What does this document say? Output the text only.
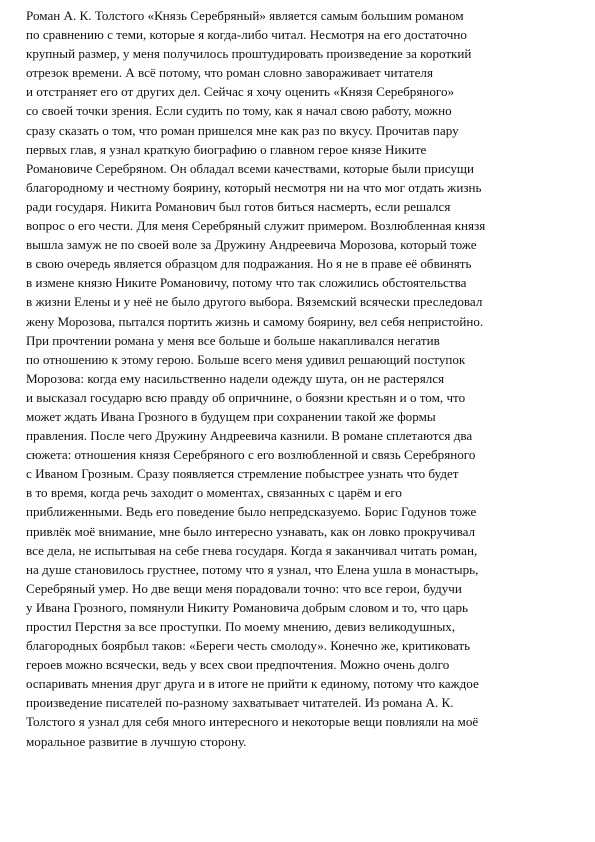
Роман А. К. Толстого «Князь Серебряный» является самым большим романом
по сравнению с теми, которые я когда-либо читал. Несмотря на его достаточно
крупный размер, у меня получилось проштудировать произведение за короткий
отрезок времени. А всё потому, что роман словно завораживает читателя
и отстраняет его от других дел. Сейчас я хочу оценить «Князя Серебряного»
со своей точки зрения. Если судить по тому, как я начал свою работу, можно
сразу сказать о том, что роман пришелся мне как раз по вкусу. Прочитав пару
первых глав, я узнал краткую биографию о главном герое князе Никите
Романовиче Серебряном. Он обладал всеми качествами, которые были присущи
благородному и честному боярину, который несмотря ни на что мог отдать жизнь
ради государя. Никита Романович был готов биться насмерть, если решался
вопрос о его чести. Для меня Серебряный служит примером. Возлюбленная князя
вышла замуж не по своей воле за Дружину Андреевича Морозова, который тоже
в свою очередь является образцом для подражания. Но я не в праве её обвинять
в измене князю Никите Романовичу, потому что так сложились обстоятельства
в жизни Елены и у неё не было другого выбора. Вяземский всячески преследовал
жену Морозова, пытался портить жизнь и самому боярину, вел себя непристойно.
При прочтении романа у меня все больше и больше накапливался негатив
по отношению к этому герою. Больше всего меня удивил решающий поступок
Морозова: когда ему насильственно надели одежду шута, он не растерялся
и высказал государю всю правду об опричнине, о боязни крестьян и о том, что
может ждать Ивана Грозного в будущем при сохранении такой же формы
правления. После чего Дружину Андреевича казнили. В романе сплетаются два
сюжета: отношения князя Серебряного с его возлюбленной и связь Серебряного
с Иваном Грозным. Сразу появляется стремление побыстрее узнать что будет
в то время, когда речь заходит о моментах, связанных с царём и его
приближенными. Ведь его поведение было непредсказуемо. Борис Годунов тоже
привлёк моё внимание, мне было интересно узнавать, как он ловко прокручивал
все дела, не испытывая на себе гнева государя. Когда я заканчивал читать роман,
на душе становилось грустнее, потому что я узнал, что Елена ушла в монастырь,
Серебряный умер. Но две вещи меня порадовали точно: что все герои, будучи
у Ивана Грозного, помянули Никиту Романовича добрым словом и то, что царь
простил Перстня за все проступки. По моему мнению, девиз великодушных,
благородных боярбыл таков: «Береги честь смолоду». Конечно же, критиковать
героев можно всячески, ведь у всех свои предпочтения. Можно очень долго
оспаривать мнения друг друга и в итоге не прийти к единому, потому что каждое
произведение писателей по-разному захватывает читателей. Из романа А. К.
Толстого я узнал для себя много интересного и некоторые вещи повлияли на моё
моральное развитие в лучшую сторону.
